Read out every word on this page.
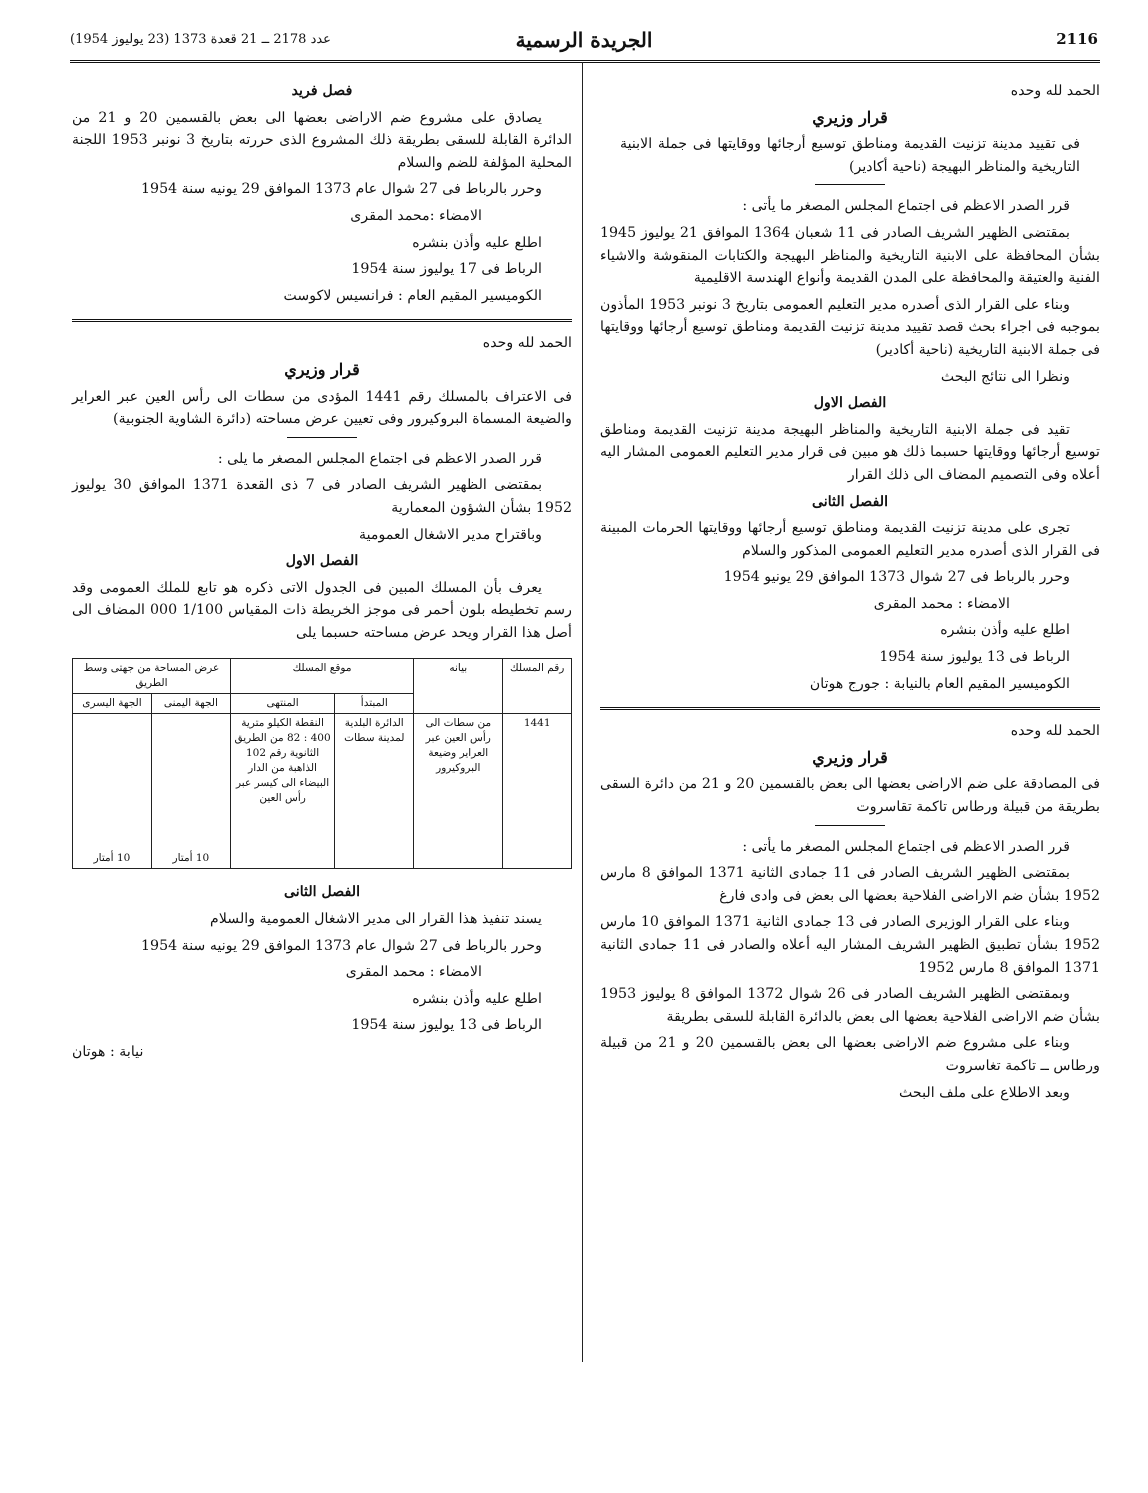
2116
الجريدة الرسمية
عدد 2178 ــ 21 قعدة 1373 (23 يوليوز 1954)

الحمد لله وحده

قرار وزيري

فى تقييد مدينة تزنيت القديمة ومناطق توسيع أرجائها ووقايتها فى جملة الابنية التاريخية والمناظر البهيجة (ناحية أكادير)

قرر الصدر الاعظم فى اجتماع المجلس المصغر ما يأتى :

بمقتضى الظهير الشريف الصادر فى 11 شعبان 1364 الموافق 21 يوليوز 1945 بشأن المحافظة على الابنية التاريخية والمناظر البهيجة والكتابات المنقوشة والاشياء الفنية والعتيقة والمحافظة على المدن القديمة وأنواع الهندسة الاقليمية

وبناء على القرار الذى أصدره مدير التعليم العمومى بتاريخ 3 نونبر 1953 المأذون بموجبه فى اجراء بحث قصد تقييد مدينة تزنيت القديمة ومناطق توسيع أرجائها ووقايتها فى جملة الابنية التاريخية (ناحية أكادير)

ونظرا الى نتائج البحث

الفصل الاول

تقيد فى جملة الابنية التاريخية والمناظر البهيجة مدينة تزنيت القديمة ومناطق توسيع أرجائها ووقايتها حسبما ذلك هو مبين فى قرار مدير التعليم العمومى المشار اليه أعلاه وفى التصميم المضاف الى ذلك القرار

الفصل الثانى

تجرى على مدينة تزنيت القديمة ومناطق توسيع أرجائها ووقايتها الحرمات المبينة فى القرار الذى أصدره مدير التعليم العمومى المذكور والسلام

وحرر بالرباط فى 27 شوال 1373 الموافق 29 يونيو 1954

الامضاء : محمد المقرى

اطلع عليه وأذن بنشره

الرباط فى 13 يوليوز سنة 1954

الكوميسير المقيم العام بالنيابة : جورج هوتان

الحمد لله وحده

قرار وزيري

فى المصادقة على ضم الاراضى بعضها الى بعض بالقسمين 20 و 21 من دائرة السقى بطريقة من قبيلة ورطاس تاكمة تقاسروت

قرر الصدر الاعظم فى اجتماع المجلس المصغر ما يأتى :

بمقتضى الظهير الشريف الصادر فى 11 جمادى الثانية 1371 الموافق 8 مارس 1952 بشأن ضم الاراضى الفلاحية بعضها الى بعض فى وادى فارغ

وبناء على القرار الوزيرى الصادر فى 13 جمادى الثانية 1371 الموافق 10 مارس 1952 بشأن تطبيق الظهير الشريف المشار اليه أعلاه والصادر فى 11 جمادى الثانية 1371 الموافق 8 مارس 1952

وبمقتضى الظهير الشريف الصادر فى 26 شوال 1372 الموافق 8 يوليوز 1953 بشأن ضم الاراضى الفلاحية بعضها الى بعض بالدائرة القابلة للسقى بطريقة

وبناء على مشروع ضم الاراضى بعضها الى بعض بالقسمين 20 و 21 من قبيلة ورطاس ــ تاكمة تغاسروت

وبعد الاطلاع على ملف البحث

فصل فريد

يصادق على مشروع ضم الاراضى بعضها الى بعض بالقسمين 20 و 21 من الدائرة القابلة للسقى بطريقة ذلك المشروع الذى حررته بتاريخ 3 نونبر 1953 اللجنة المحلية المؤلفة للضم والسلام

وحرر بالرباط فى 27 شوال عام 1373 الموافق 29 يونيه سنة 1954

الامضاء :محمد المقرى

اطلع عليه وأذن بنشره

الرباط فى 17 يوليوز سنة 1954

الكوميسير المقيم العام : فرانسيس لاكوست

الحمد لله وحده

قرار وزيري

فى الاعتراف بالمسلك رقم 1441 المؤدى من سطات الى رأس العين عبر العراير والضيعة المسماة البروكيرور وفى تعيين عرض مساحته (دائرة الشاوية الجنوبية)

قرر الصدر الاعظم فى اجتماع المجلس المصغر ما يلى :

بمقتضى الظهير الشريف الصادر فى 7 ذى القعدة 1371 الموافق 30 يوليوز 1952 بشأن الشؤون المعمارية

وباقتراح مدير الاشغال العمومية

الفصل الاول

يعرف بأن المسلك المبين فى الجدول الاتى ذكره هو تابع للملك العمومى وقد رسم تخطيطه بلون أحمر فى موجز الخريطة ذات المقياس 1/100 000 المضاف الى أصل هذا القرار ويحد عرض مساحته حسبما يلى

رقم المسلك	بيانه	موقع المسلك		عرض المساحة من جهتى وسط الطريق	
		المبتدأ	المنتهى	الجهة اليمنى	الجهة اليسرى
1441	من سطات الى رأس العين عبر العراير وضيعة البروكيرور	الدائرة البلدية لمدينة سطات	النقطة الكيلو مترية 400 : 82 من الطريق الثانوية رقم 102 الذاهبة من الدار البيضاء الى كيسر عبر رأس العين	10 أمتار	10 أمتار

الفصل الثانى

يسند تنفيذ هذا القرار الى مدير الاشغال العمومية والسلام

وحرر بالرباط فى 27 شوال عام 1373 الموافق 29 يونيه سنة 1954

الامضاء : محمد المقرى

اطلع عليه وأذن بنشره

الرباط فى 13 يوليوز سنة 1954

نيابة : هوتان
